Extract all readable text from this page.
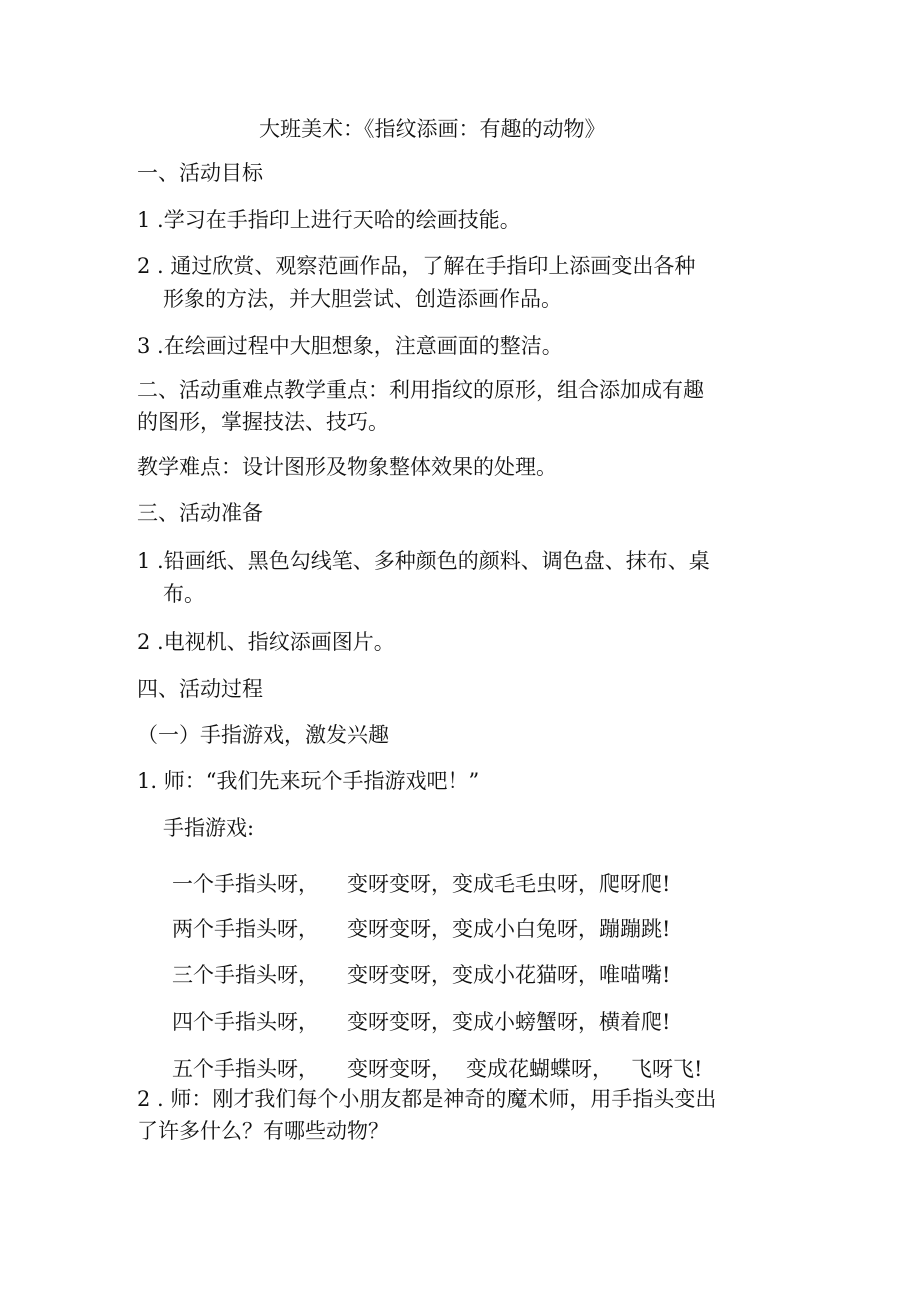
大班美术：《指纹添画：有趣的动物》

一、活动目标

1 .学习在手指印上进行天哈的绘画技能。

2 . 通过欣赏、观察范画作品，了解在手指印上添画变出各种

形象的方法，并大胆尝试、创造添画作品。

3 .在绘画过程中大胆想象，注意画面的整洁。

二、活动重难点教学重点：利用指纹的原形，组合添加成有趣

的图形，掌握技法、技巧。

教学难点：设计图形及物象整体效果的处理。

三、活动准备

1 .铅画纸、黑色勾线笔、多种颜色的颜料、调色盘、抹布、桌

布。

2 .电视机、指纹添画图片。

四、活动过程

（一）手指游戏，激发兴趣

1. 师：“我们先来玩个手指游戏吧！”

手指游戏:

一个手指头呀， 变呀变呀，变成毛毛虫呀，爬呀爬!

两个手指头呀， 变呀变呀，变成小白兔呀，蹦蹦跳!

三个手指头呀， 变呀变呀，变成小花猫呀，唯喵嘴!

四个手指头呀， 变呀变呀，变成小螃蟹呀，横着爬!

五个手指头呀， 变呀变呀， 变成花蝴蝶呀， 飞呀飞!

2 . 师：刚才我们每个小朋友都是神奇的魔术师，用手指头变出

了许多什么？有哪些动物？
